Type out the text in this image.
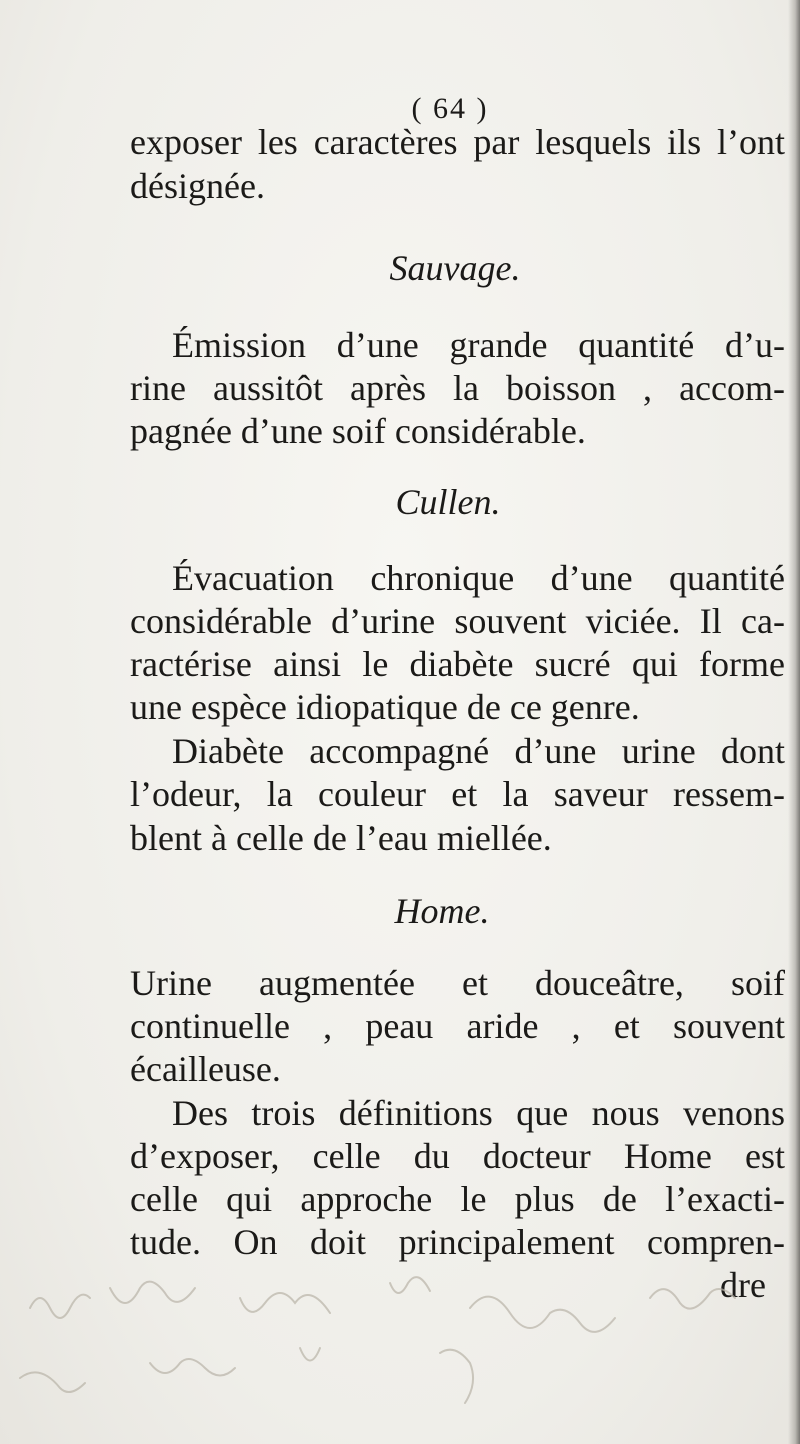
( 64 )
exposer les caractères par lesquels ils l’ont
désignée.
Sauvage.
Émission d’une grande quantité d’u-
rine aussitôt après la boisson , accom-
pagnée d’une soif considérable.
Cullen.
Évacuation chronique d’une quantité
considérable d’urine souvent viciée. Il ca-
ractérise ainsi le diabète sucré qui forme
une espèce idiopatique de ce genre.
Diabète accompagné d’une urine dont
l’odeur, la couleur et la saveur ressem-
blent à celle de l’eau miellée.
Home.
Urine augmentée et douceâtre, soif
continuelle , peau aride , et souvent
écailleuse.
Des trois définitions que nous venons
d’exposer, celle du docteur Home est
celle qui approche le plus de l’exacti-
tude. On doit principalement compren-
dre
